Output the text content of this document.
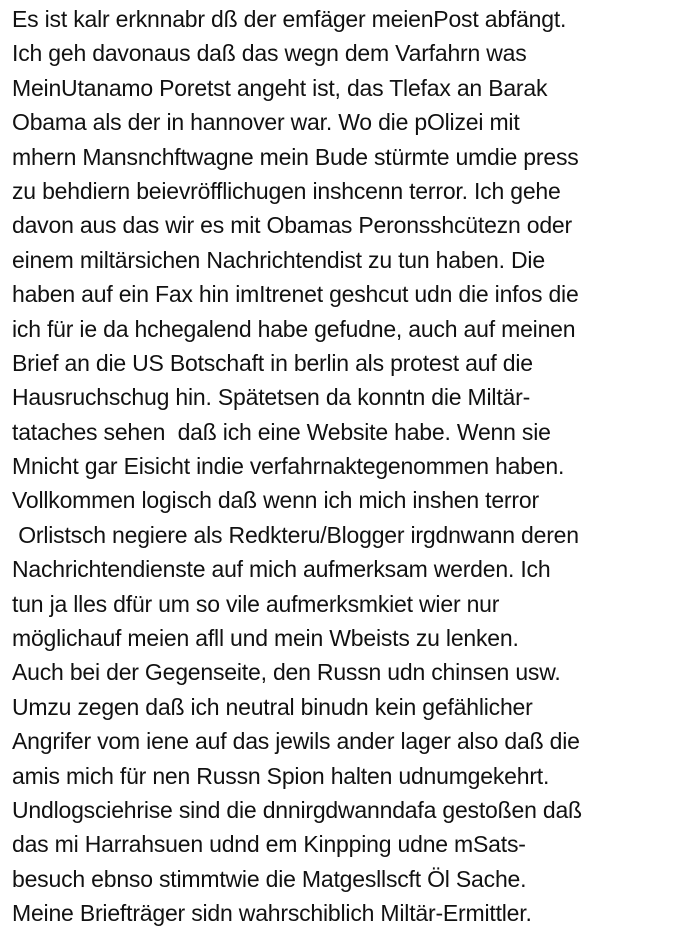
Es ist kalr erknnabr dß der emfäger meienPost abfängt.
Ich geh davonaus daß das wegn dem Varfahrn was
MeinUtanamo Poretst angeht ist, das Tlefax an Barak
Obama als der in hannover war. Wo die pOlizei mit
mhern Mansnchftwagne mein Bude stürmte umdie press
zu behdiern beievröfflichugen inshcenn terror. Ich gehe
davon aus das wir es mit Obamas Peronsshcütezn oder
einem miltärsichen Nachrichtendist zu tun haben. Die
haben auf ein Fax hin imItrenet geshcut udn die infos die
ich für ie da hchegalend habe gefudne, auch auf meinen
Brief an die US Botschaft in berlin als protest auf die
Hausruchschug hin. Spätetsen da konntn die Miltär-
tataches sehen  daß ich eine Website habe. Wenn sie
Mnicht gar Eisicht indie verfahrnaktegenommen haben.
Vollkommen logisch daß wenn ich mich inshen terror
Orlistsch negiere als Redkteru/Blogger irgdnwann deren
Nachrichtendienste auf mich aufmerksam werden. Ich
tun ja lles dfür um so vile aufmerksmkiet wier nur
möglichauf meien afll und mein Wbeists zu lenken.
Auch bei der Gegenseite, den Russn udn chinsen usw.
Umzu zegen daß ich neutral binudn kein gefählicher
Angrifer vom iene auf das jewils ander lager also daß die
amis mich für nen Russn Spion halten udnumgekehrt.
Undlogsciehrise sind die dnnirgdwanndafa gestoßen daß
das mi Harrahsuen udnd em Kinpping udne mSats-
besuch ebnso stimmtwie die Matgesllscft Öl Sache.
Meine Briefträger sidn wahrschiblich Miltär-Ermittler.
